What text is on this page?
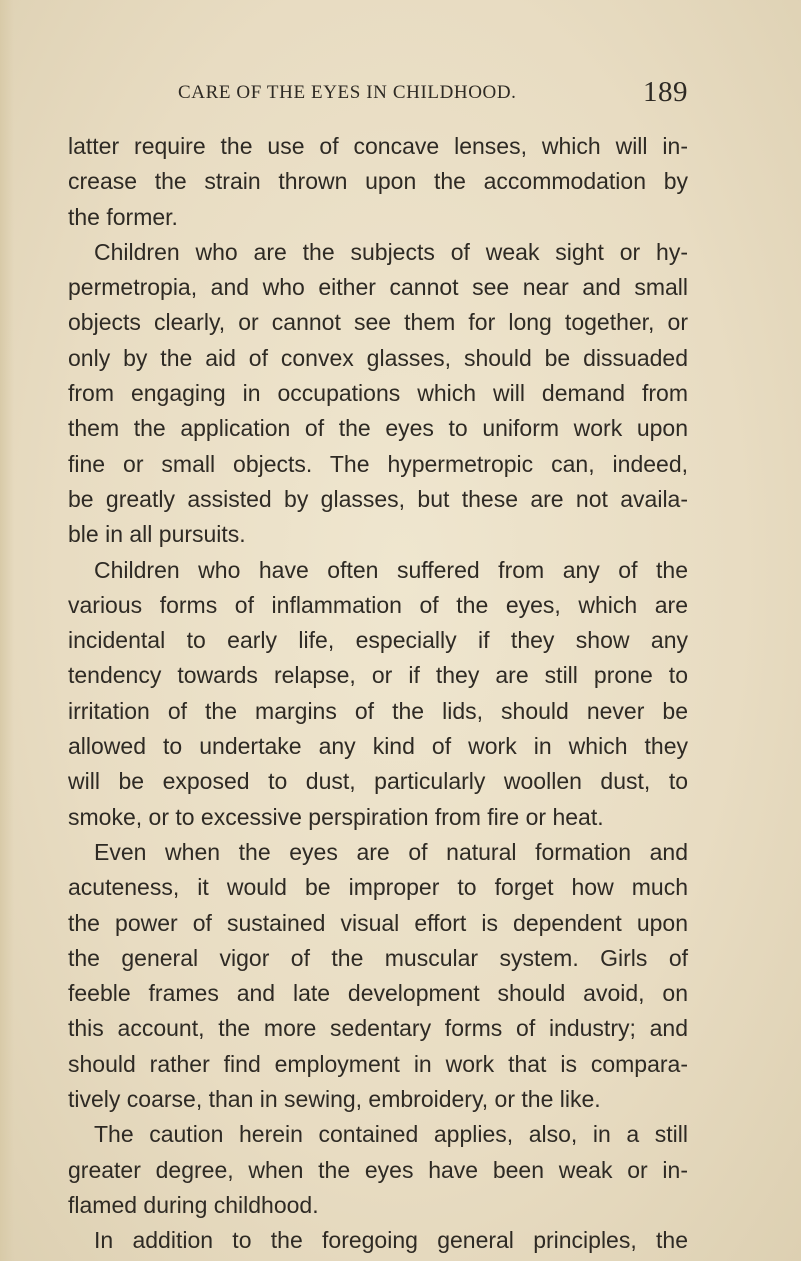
CARE OF THE EYES IN CHILDHOOD.	189
latter require the use of concave lenses, which will in-
crease the strain thrown upon the accommodation by
the former.
Children who are the subjects of weak sight or hy-
permetropia, and who either cannot see near and small
objects clearly, or cannot see them for long together, or
only by the aid of convex glasses, should be dissuaded
from engaging in occupations which will demand from
them the application of the eyes to uniform work upon
fine or small objects. The hypermetropic can, indeed,
be greatly assisted by glasses, but these are not availa-
ble in all pursuits.
Children who have often suffered from any of the
various forms of inflammation of the eyes, which are
incidental to early life, especially if they show any
tendency towards relapse, or if they are still prone to
irritation of the margins of the lids, should never be
allowed to undertake any kind of work in which they
will be exposed to dust, particularly woollen dust, to
smoke, or to excessive perspiration from fire or heat.
Even when the eyes are of natural formation and
acuteness, it would be improper to forget how much
the power of sustained visual effort is dependent upon
the general vigor of the muscular system. Girls of
feeble frames and late development should avoid, on
this account, the more sedentary forms of industry; and
should rather find employment in work that is compara-
tively coarse, than in sewing, embroidery, or the like.
The caution herein contained applies, also, in a still
greater degree, when the eyes have been weak or in-
flamed during childhood.
In addition to the foregoing general principles, the
